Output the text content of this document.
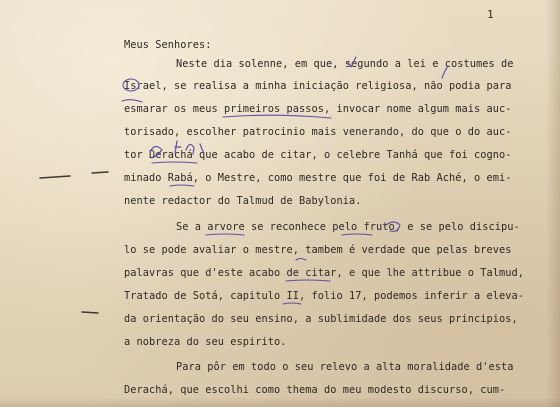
1
Meus Senhores:
Neste dia solenne, em que, segundo a lei e costumes de
Israel, se realisa a minha iniciação religiosa, não podia para
esmarar os meus primeiros passos, invocar nome algum mais auc-
torisado, escolher patrocinio mais venerando, do que o do auc-
tor Derachá que acabo de citar, o celebre Tanhá que foi cogno-
minado Rabá, o Mestre, como mestre que foi de Rab Aché, o emi-
nente redactor do Talmud de Babylonia.
Se a arvore se reconhece pelo fruto, e se pelo discipu-
lo se pode avaliar o mestre, tambem é verdade que pelas breves
palavras que d'este acabo de citar, e que lhe attribue o Talmud,
Tratado de Sotá, capitulo II, folio 17, podemos inferir a eleva-
da orientação do seu ensino, a sublimidade dos seus principios,
a nobreza do seu espirito.
Para pôr em todo o seu relevo a alta moralidade d'esta
Derachá, que escolhi como thema do meu modesto discurso, cum-
